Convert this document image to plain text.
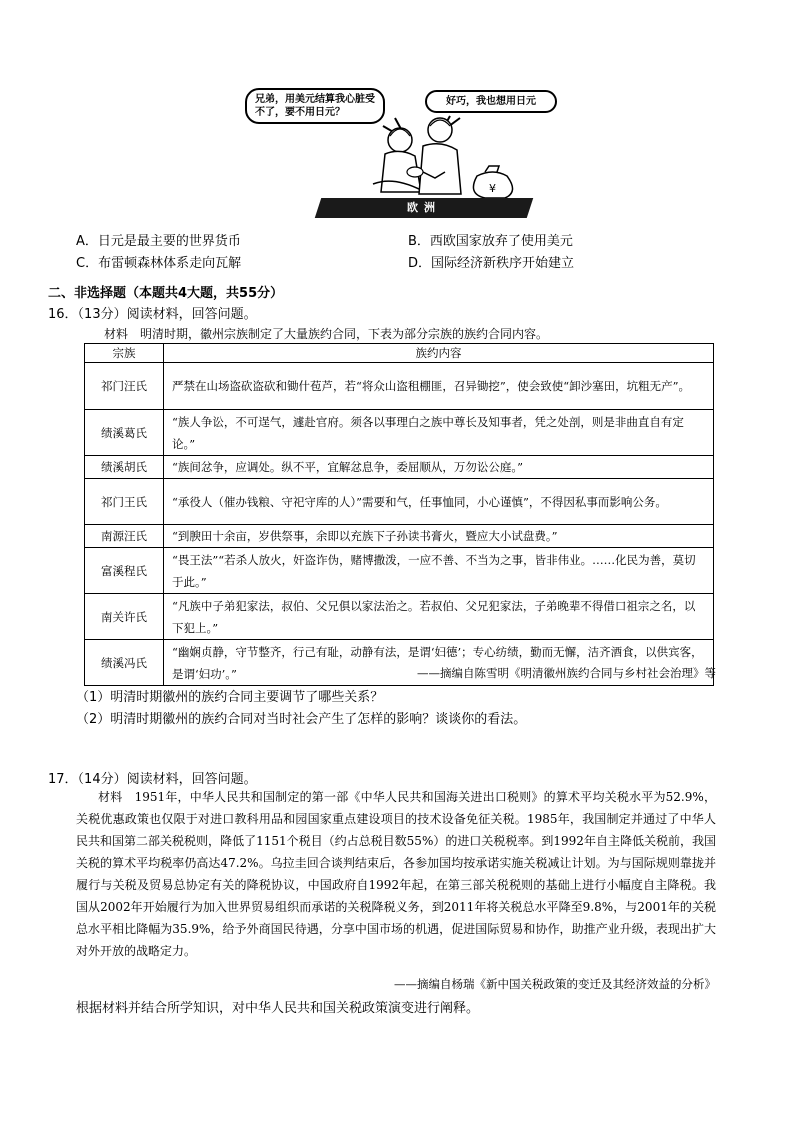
兄弟，用美元结算我心脏受不了，要不用日元？
好巧，我也想用日元
¥
欧洲
A．日元是最主要的世界货币	B．西欧国家放弃了使用美元
C．布雷顿森林体系走向瓦解	D．国际经济新秩序开始建立
二、非选择题（本题共4大题，共55分）
16．（13分）阅读材料，回答问题。
材料　明清时期，徽州宗族制定了大量族约合同，下表为部分宗族的族约合同内容。
宗族	族约内容
祁门汪氏	严禁在山场盗砍盗砍和锄什苞芦，若“将众山盗租棚匪，召异锄挖”，使会致使“卸沙塞田，坑粗无产”。
绩溪葛氏	“族人争讼，不可逞气，遽赴官府。须各以事理白之族中尊长及知事者，凭之处剖，则是非曲直自有定论。”
绩溪胡氏	“族间忿争，应调处。纵不平，宜解忿息争，委屈顺从，万勿讼公庭。”
祁门王氏	“承役人（催办钱粮、守祀守库的人）”需要和气，任事恤同，小心谨慎”，不得因私事而影响公务。
南源汪氏	“到腴田十余亩，岁供祭事，余即以充族下子孙读书膏火，暨应大小试盘费。”
富溪程氏	“畏王法”“若杀人放火，奸盗诈伪，赌博撒泼，一应不善、不当为之事，皆非伟业。……化民为善，莫切于此。”
南关许氏	“凡族中子弟犯家法，叔伯、父兄俱以家法治之。若叔伯、父兄犯家法，子弟晚辈不得借口祖宗之名，以下犯上。”
绩溪冯氏	“幽娴贞静，守节整齐，行己有耻，动静有法，是谓‘妇德’；专心纺绩，勤而无懈，洁齐酒食，以供宾客，是谓‘妇功’。”	——摘编自陈雪明《明清徽州族约合同与乡村社会治理》等
（1）明清时期徽州的族约合同主要调节了哪些关系？
（2）明清时期徽州的族约合同对当时社会产生了怎样的影响？谈谈你的看法。
17．（14分）阅读材料，回答问题。
材料　1951年，中华人民共和国制定的第一部《中华人民共和国海关进出口税则》的算术平均关税水平为52.9%，关税优惠政策也仅限于对进口教科用品和园国家重点建设项目的技术设备免征关税。1985年，我国制定并通过了中华人民共和国第二部关税税则，降低了1151个税目（约占总税目数55%）的进口关税税率。到1992年自主降低关税前，我国关税的算术平均税率仍高达47.2%。乌拉圭回合谈判结束后，各参加国均按承诺实施关税减让计划。为与国际规则靠拢并履行与关税及贸易总协定有关的降税协议，中国政府自1992年起，在第三部关税税则的基础上进行小幅度自主降税。我国从2002年开始履行为加入世界贸易组织而承诺的关税降税义务，到2011年将关税总水平降至9.8%，与2001年的关税总水平相比降幅为35.9%，给予外商国民待遇，分享中国市场的机遇，促进国际贸易和协作，助推产业升级，表现出扩大对外开放的战略定力。
——摘编自杨瑞《新中国关税政策的变迁及其经济效益的分析》
根据材料并结合所学知识，对中华人民共和国关税政策演变进行阐释。
